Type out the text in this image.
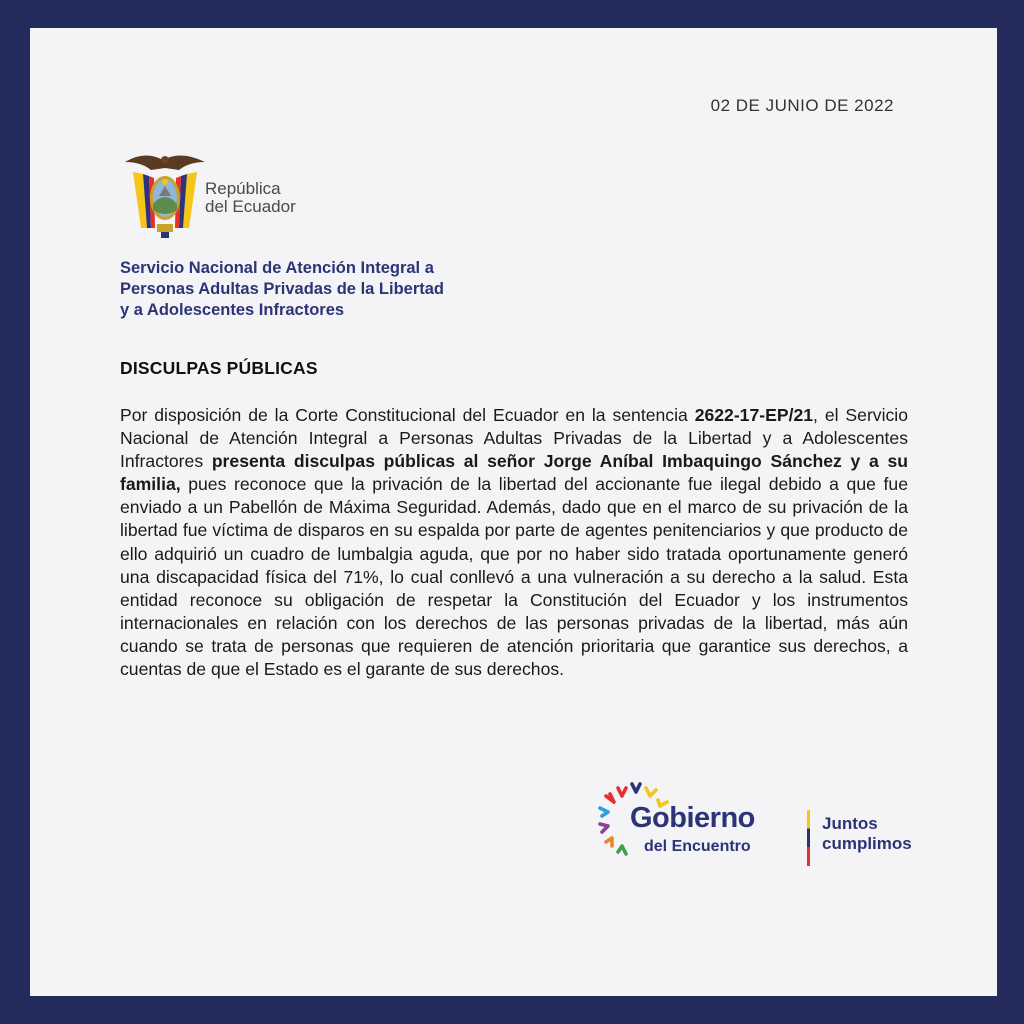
02 DE JUNIO DE 2022
República
del Ecuador
Servicio Nacional de Atención Integral a
Personas Adultas Privadas de la Libertad
y a Adolescentes Infractores
DISCULPAS PÚBLICAS
Por disposición de la Corte Constitucional del Ecuador en la sentencia 2622-17-EP/21, el Servicio Nacional de Atención Integral a Personas Adultas Privadas de la Libertad y a Adolescentes Infractores presenta disculpas públicas al señor Jorge Aníbal Imbaquingo Sánchez y a su familia, pues reconoce que la privación de la libertad del accionante fue ilegal debido a que fue enviado a un Pabellón de Máxima Seguridad. Además, dado que en el marco de su privación de la libertad fue víctima de disparos en su espalda por parte de agentes penitenciarios y que producto de ello adquirió un cuadro de lumbalgia aguda, que por no haber sido tratada oportunamente generó una discapacidad física del 71%, lo cual conllevó a una vulneración a su derecho a la salud. Esta entidad reconoce su obligación de respetar la Constitución del Ecuador y los instrumentos internacionales en relación con los derechos de las personas privadas de la libertad, más aún cuando se trata de personas que requieren de atención prioritaria que garantice sus derechos, a cuentas de que el Estado es el garante de sus derechos.
Gobierno
del Encuentro
Juntos
cumplimos
